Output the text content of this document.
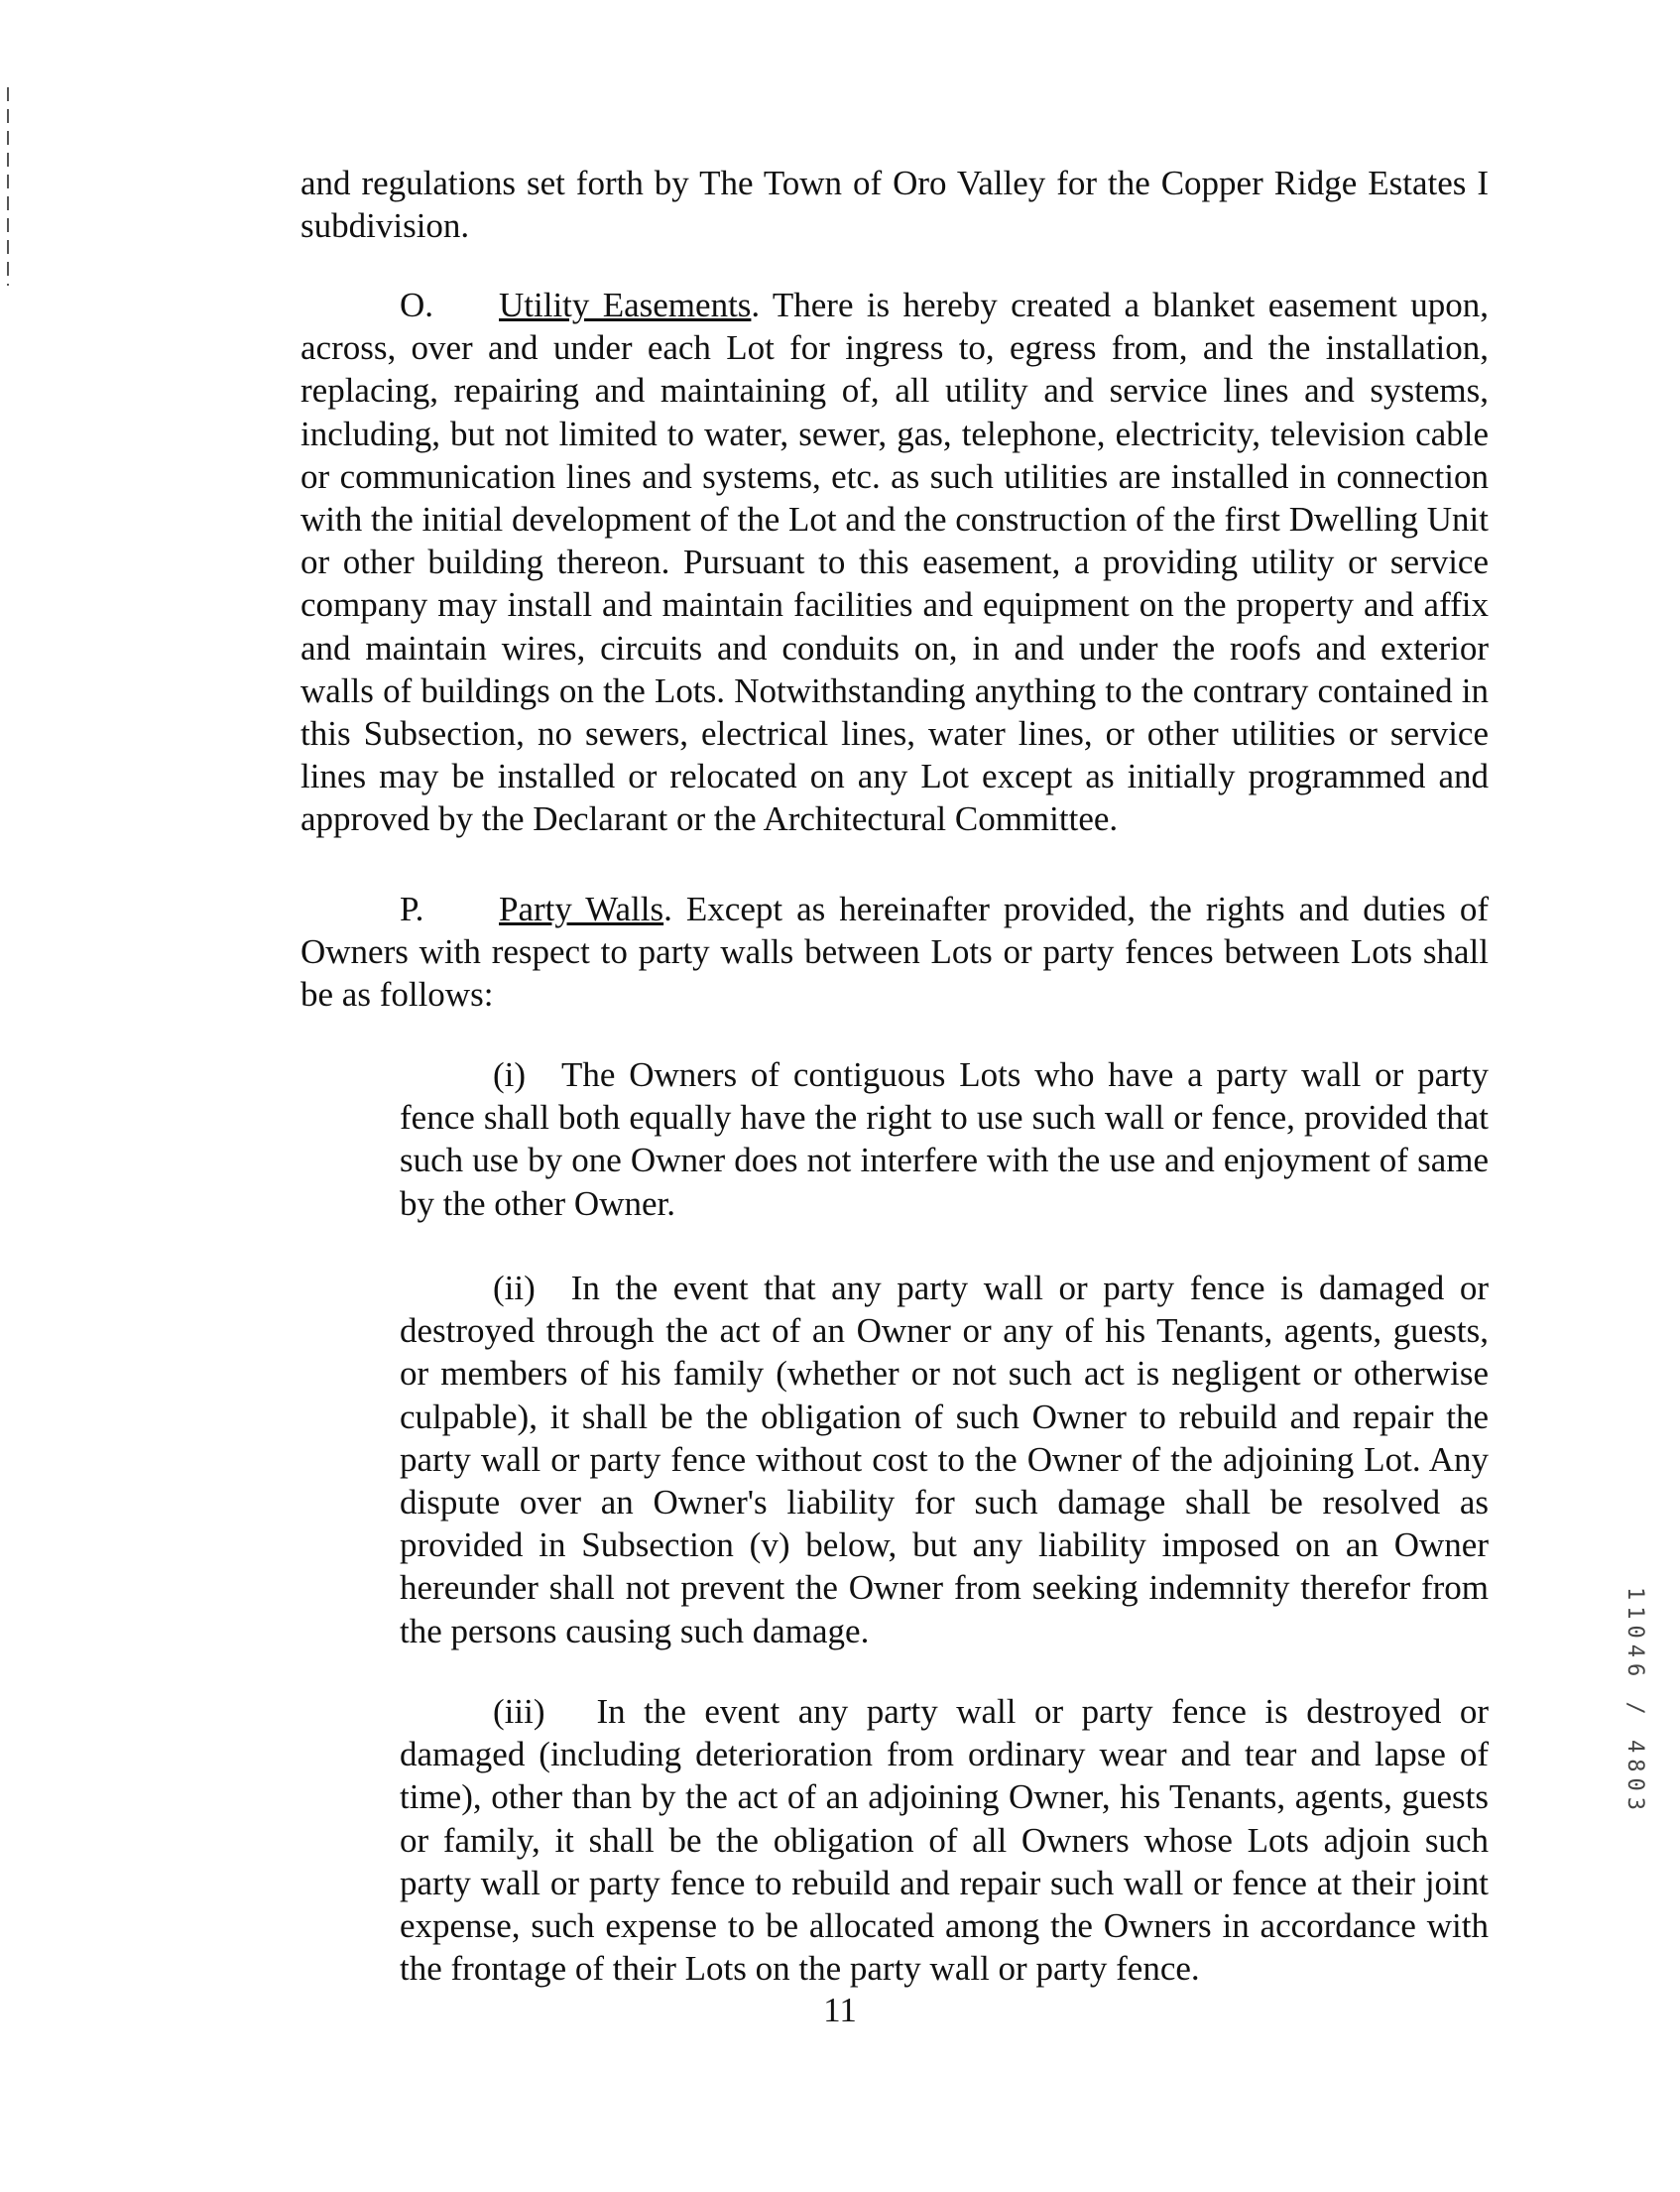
and regulations set forth by The Town of Oro Valley for the Copper Ridge Estates I subdivision.

O. Utility Easements. There is hereby created a blanket easement upon, across, over and under each Lot for ingress to, egress from, and the installation, replacing, repairing and maintaining of, all utility and service lines and systems, including, but not limited to water, sewer, gas, telephone, electricity, television cable or communication lines and systems, etc. as such utilities are installed in connection with the initial development of the Lot and the construction of the first Dwelling Unit or other building thereon. Pursuant to this easement, a providing utility or service company may install and maintain facilities and equipment on the property and affix and maintain wires, circuits and conduits on, in and under the roofs and exterior walls of buildings on the Lots. Notwithstanding anything to the contrary contained in this Subsection, no sewers, electrical lines, water lines, or other utilities or service lines may be installed or relocated on any Lot except as initially programmed and approved by the Declarant or the Architectural Committee.

P. Party Walls. Except as hereinafter provided, the rights and duties of Owners with respect to party walls between Lots or party fences between Lots shall be as follows:

(i) The Owners of contiguous Lots who have a party wall or party fence shall both equally have the right to use such wall or fence, provided that such use by one Owner does not interfere with the use and enjoyment of same by the other Owner.

(ii) In the event that any party wall or party fence is damaged or destroyed through the act of an Owner or any of his Tenants, agents, guests, or members of his family (whether or not such act is negligent or otherwise culpable), it shall be the obligation of such Owner to rebuild and repair the party wall or party fence without cost to the Owner of the adjoining Lot. Any dispute over an Owner's liability for such damage shall be resolved as provided in Subsection (v) below, but any liability imposed on an Owner hereunder shall not prevent the Owner from seeking indemnity therefor from the persons causing such damage.

(iii) In the event any party wall or party fence is destroyed or damaged (including deterioration from ordinary wear and tear and lapse of time), other than by the act of an adjoining Owner, his Tenants, agents, guests or family, it shall be the obligation of all Owners whose Lots adjoin such party wall or party fence to rebuild and repair such wall or fence at their joint expense, such expense to be allocated among the Owners in accordance with the frontage of their Lots on the party wall or party fence.

11
11046 / 4803
